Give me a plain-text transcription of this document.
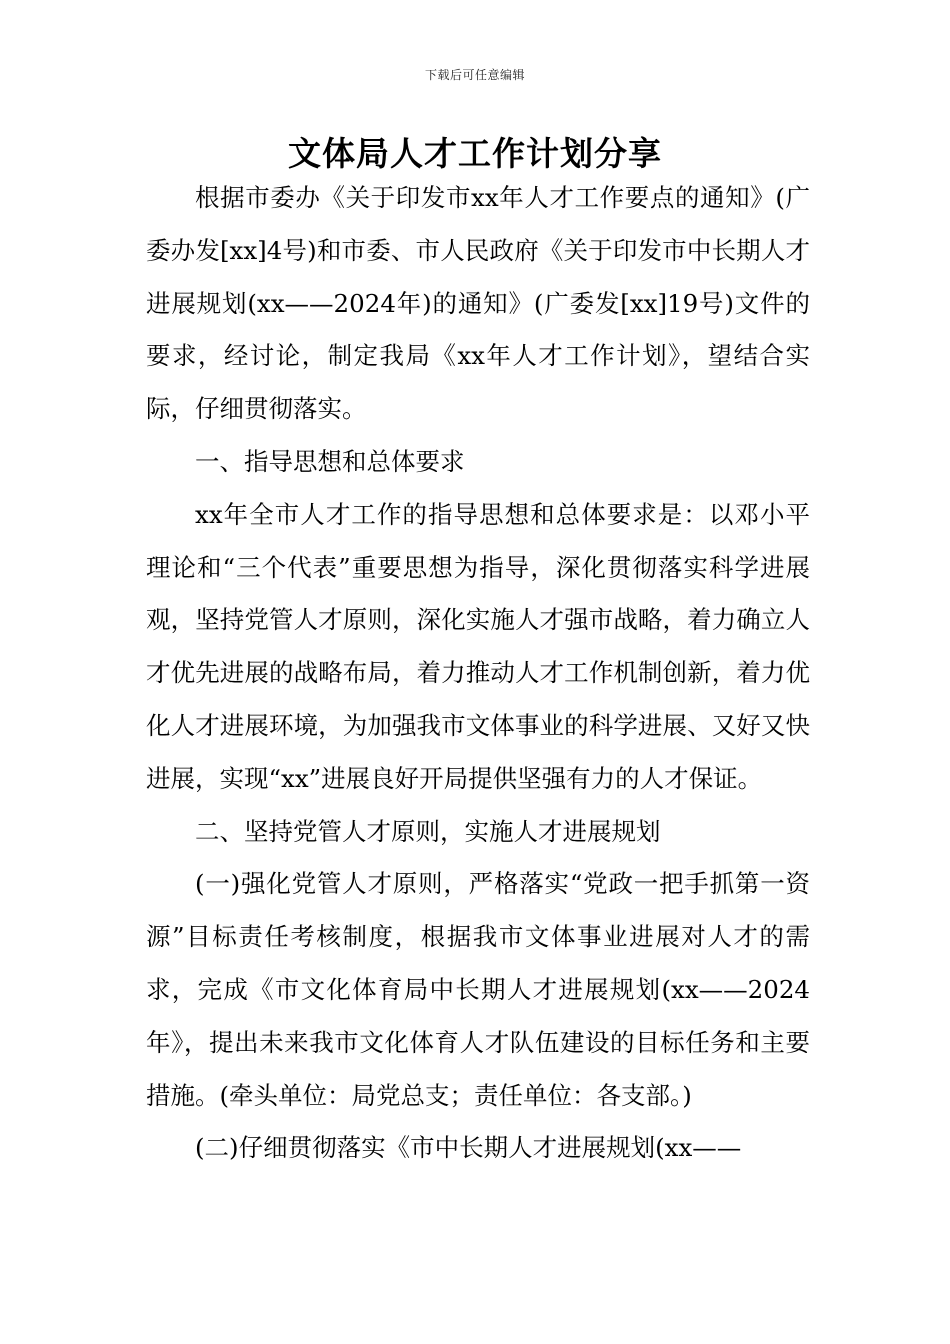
下载后可任意编辑
文体局人才工作计划分享

根据市委办《关于印发市xx年人才工作要点的通知》(广委办发[xx]4号)和市委、市人民政府《关于印发市中长期人才进展规划(xx——2024年)的通知》(广委发[xx]19号)文件的要求，经讨论，制定我局《xx年人才工作计划》，望结合实际，仔细贯彻落实。

一、指导思想和总体要求

xx年全市人才工作的指导思想和总体要求是：以邓小平理论和“三个代表”重要思想为指导，深化贯彻落实科学进展观，坚持党管人才原则，深化实施人才强市战略，着力确立人才优先进展的战略布局，着力推动人才工作机制创新，着力优化人才进展环境，为加强我市文体事业的科学进展、又好又快进展，实现“xx”进展良好开局提供坚强有力的人才保证。

二、坚持党管人才原则，实施人才进展规划

(一)强化党管人才原则，严格落实“党政一把手抓第一资源”目标责任考核制度，根据我市文体事业进展对人才的需求，完成《市文化体育局中长期人才进展规划(xx——2024年》，提出未来我市文化体育人才队伍建设的目标任务和主要措施。(牵头单位：局党总支；责任单位：各支部。)

(二)仔细贯彻落实《市中长期人才进展规划(xx——
